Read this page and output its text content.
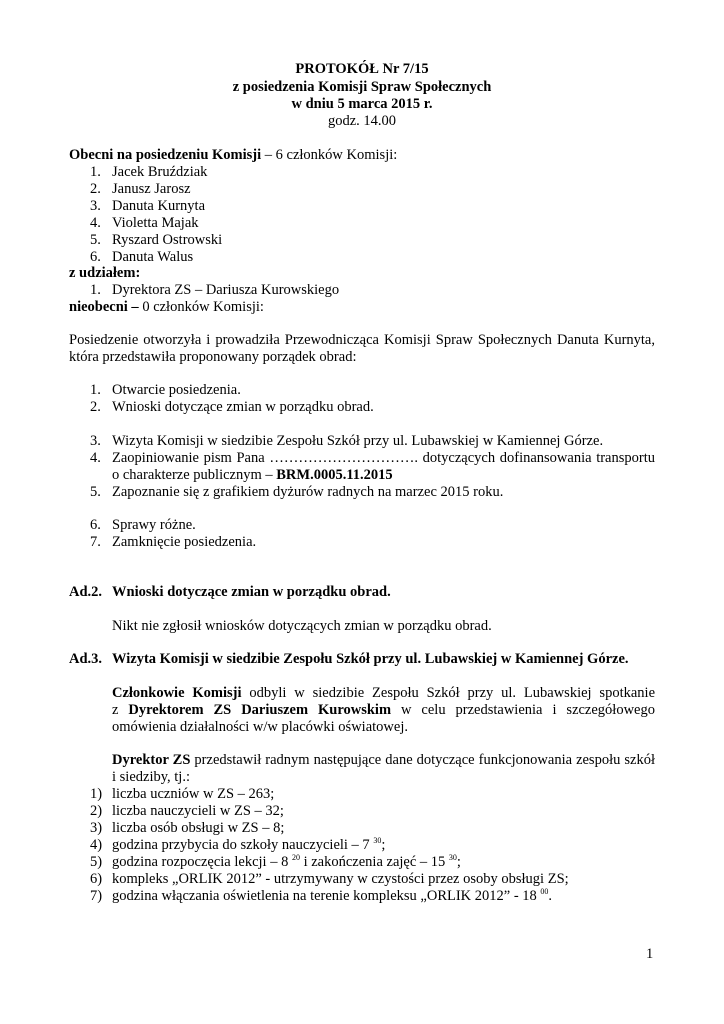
PROTOKÓŁ Nr 7/15
z posiedzenia Komisji Spraw Społecznych
w dniu 5 marca 2015 r.
godz. 14.00
Obecni na posiedzeniu Komisji – 6 członków Komisji:
1. Jacek Bruździak
2. Janusz Jarosz
3. Danuta Kurnyta
4. Violetta Majak
5. Ryszard Ostrowski
6. Danuta Walus
z udziałem:
1. Dyrektora ZS – Dariusza Kurowskiego
nieobecni – 0 członków Komisji:
Posiedzenie otworzyła i prowadziła Przewodnicząca Komisji Spraw Społecznych Danuta Kurnyta,
która przedstawiła proponowany porządek obrad:
1. Otwarcie posiedzenia.
2. Wnioski dotyczące zmian w porządku obrad.
3. Wizyta Komisji w siedzibie Zespołu Szkół przy ul. Lubawskiej w Kamiennej Górze.
4. Zaopiniowanie pism Pana …………………………. dotyczących dofinansowania transportu
o charakterze publicznym – BRM.0005.11.2015
5. Zapoznanie się z grafikiem dyżurów radnych na marzec 2015 roku.
6. Sprawy różne.
7. Zamknięcie posiedzenia.
Ad.2. Wnioski dotyczące zmian w porządku obrad.
Nikt nie zgłosił wniosków dotyczących zmian w porządku obrad.
Ad.3. Wizyta Komisji w siedzibie Zespołu Szkół przy ul. Lubawskiej w Kamiennej Górze.
Członkowie Komisji odbyli w siedzibie Zespołu Szkół przy ul. Lubawskiej spotkanie
z Dyrektorem ZS Dariuszem Kurowskim w celu przedstawienia i szczegółowego
omówienia działalności w/w placówki oświatowej.
Dyrektor ZS przedstawił radnym następujące dane dotyczące funkcjonowania zespołu szkół
i siedziby, tj.:
1) liczba uczniów w ZS – 263;
2) liczba nauczycieli w ZS – 32;
3) liczba osób obsługi w ZS – 8;
4) godzina przybycia do szkoły nauczycieli – 7 $^{30}$;
5) godzina rozpoczęcia lekcji – 8 $^{20}$ i zakończenia zajęć – 15 $^{30}$;
6) kompleks „ORLIK 2012” - utrzymywany w czystości przez osoby obsługi ZS;
7) godzina włączania oświetlenia na terenie kompleksu „ORLIK 2012” - 18 $^{00}$.
1
